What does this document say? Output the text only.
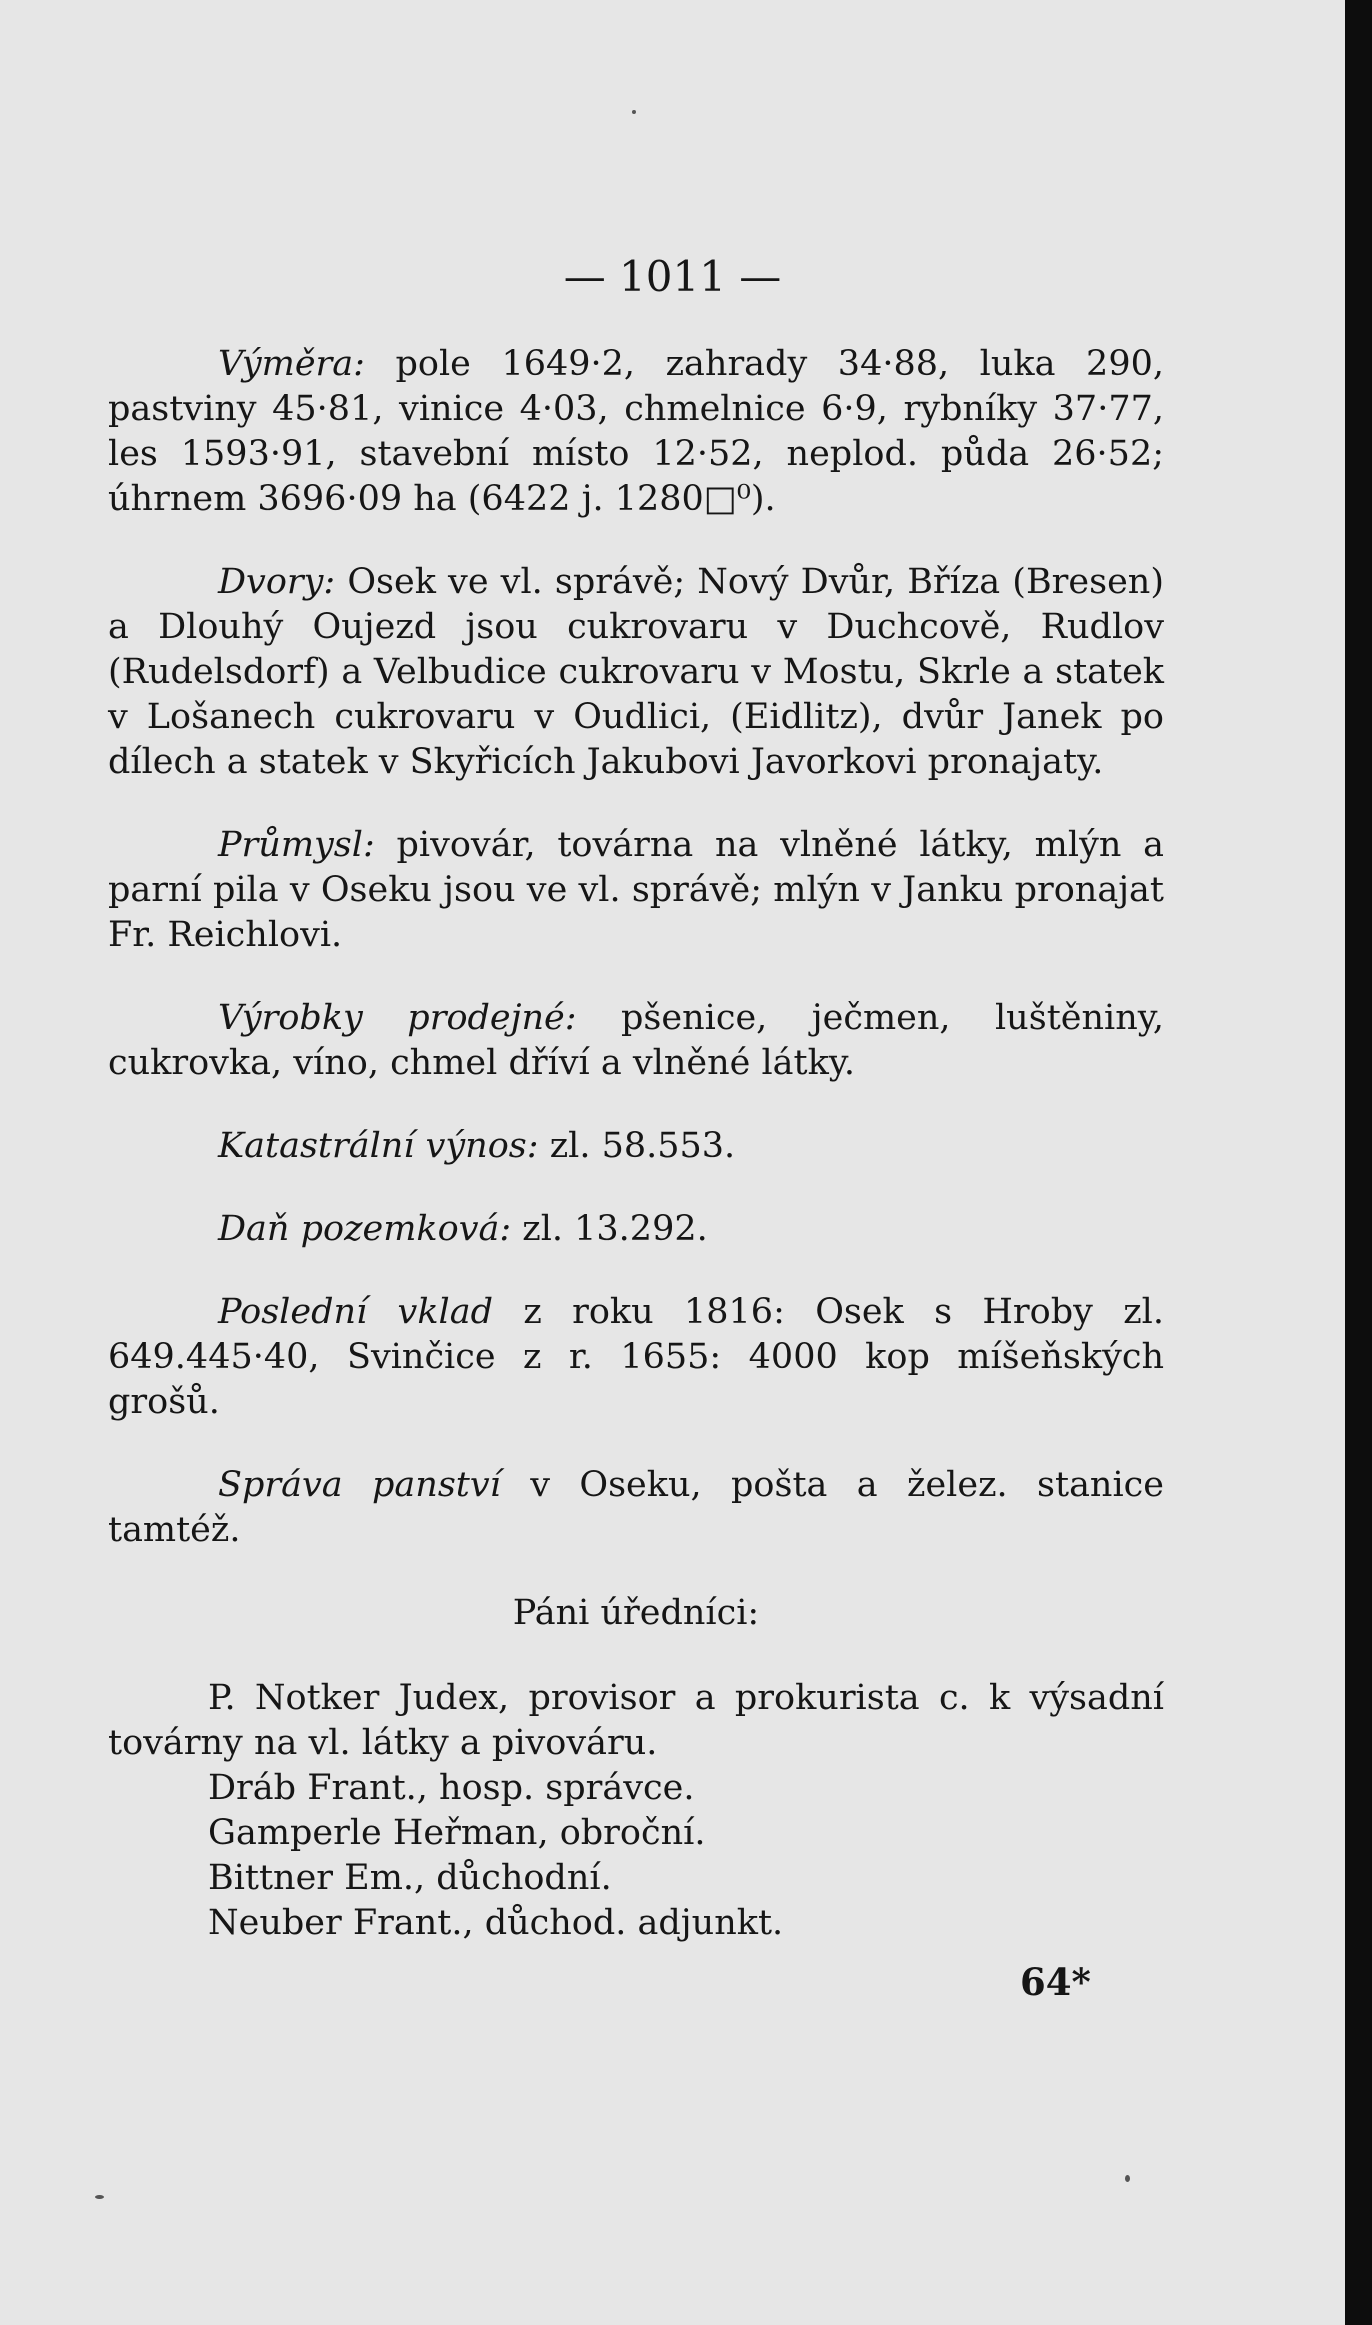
— 1011 —

Výměra: pole 1649·2, zahrady 34·88, luka 290, pastviny 45·81, vinice 4·03, chmelnice 6·9, rybníky 37·77, les 1593·91, stavební místo 12·52, neplod. půda 26·52; úhrnem 3696·09 ha (6422 j. 1280□⁰).

Dvory: Osek ve vl. správě; Nový Dvůr, Bříza (Bresen) a Dlouhý Oujezd jsou cukrovaru v Duchcově, Rudlov (Rudelsdorf) a Velbudice cukrovaru v Mostu, Skrle a statek v Lošanech cukrovaru v Oudlici, (Eidlitz), dvůr Janek po dílech a statek v Skyřicích Jakubovi Javorkovi pronajaty.

Průmysl: pivovár, továrna na vlněné látky, mlýn a parní pila v Oseku jsou ve vl. správě; mlýn v Janku pronajat Fr. Reichlovi.

Výrobky prodejné: pšenice, ječmen, luštěniny, cukrovka, víno, chmel dříví a vlněné látky.

Katastrální výnos: zl. 58.553.

Daň pozemková: zl. 13.292.

Poslední vklad z roku 1816: Osek s Hroby zl. 649.445·40, Svinčice z r. 1655: 4000 kop míšeňských grošů.

Správa panství v Oseku, pošta a želez. stanice tamtéž.

Páni úředníci:

P. Notker Judex, provisor a prokurista c. k výsadní továrny na vl. látky a pivováru.

Dráb Frant., hosp. správce.

Gamperle Heřman, obroční.

Bittner Em., důchodní.

Neuber Frant., důchod. adjunkt.

64*
